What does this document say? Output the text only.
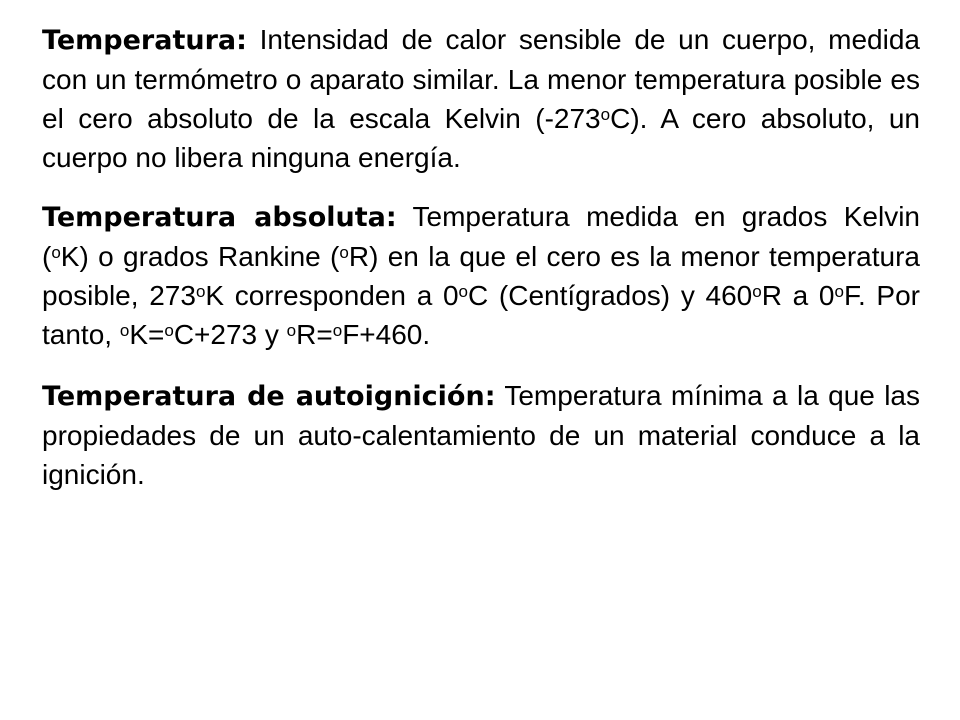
Temperatura: Intensidad de calor sensible de un cuerpo, medida con un termómetro o aparato similar. La menor temperatura posible es el cero absoluto de la escala Kelvin (-273$^o$C). A cero absoluto, un cuerpo no libera ninguna energía.

Temperatura absoluta: Temperatura medida en grados Kelvin ($^o$K) o grados Rankine ($^o$R) en la que el cero es la menor temperatura posible, 273$^o$K corresponden a 0$^o$C (Centígrados) y 460$^o$R a 0$^o$F. Por tanto, $^o$K=$^o$C+273 y $^o$R=$^o$F+460.

Temperatura de autoignición: Temperatura mínima a la que las propiedades de un auto-calentamiento de un material conduce a la ignición.
